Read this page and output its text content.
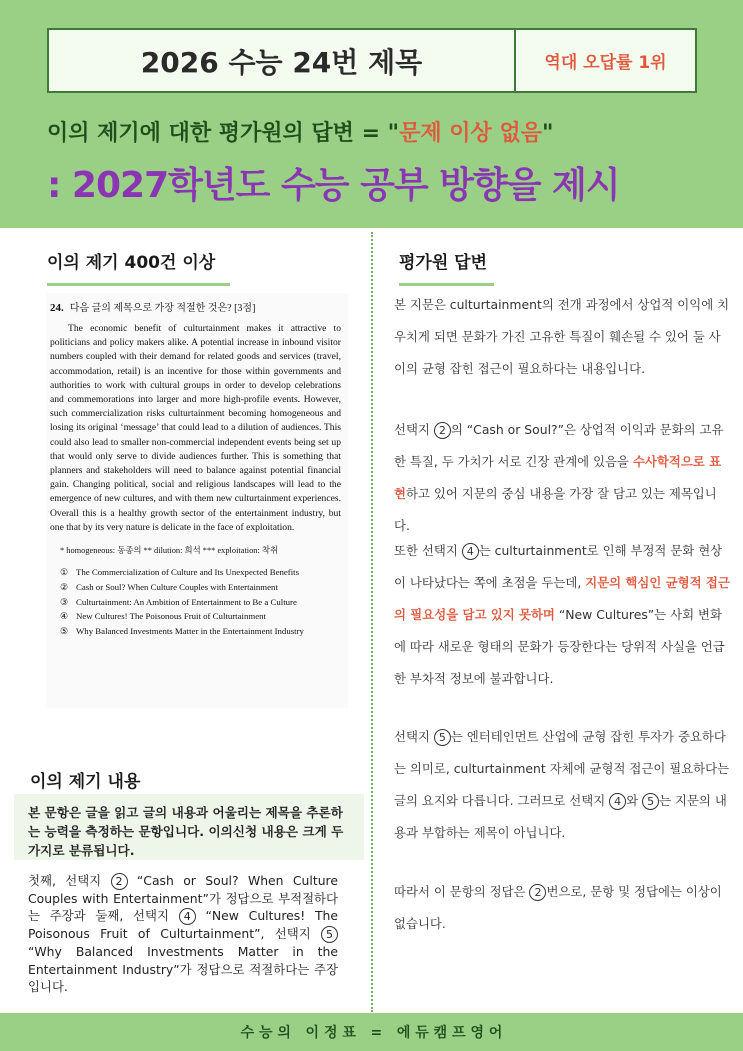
2026 수능 24번 제목	역대 오답률 1위
이의 제기에 대한 평가원의 답변 = "문제 이상 없음"
: 2027학년도 수능 공부 방향을 제시
이의 제기 400건 이상
24. 다음 글의 제목으로 가장 적절한 것은? [3점]

The economic benefit of culturtainment makes it attractive to politicians and policy makers alike. A potential increase in inbound visitor numbers coupled with their demand for related goods and services (travel, accommodation, retail) is an incentive for those within governments and authorities to work with cultural groups in order to develop celebrations and commemorations into larger and more high-profile events. However, such commercialization risks culturtainment becoming homogeneous and losing its original ‘message’ that could lead to a dilution of audiences. This could also lead to smaller non-commercial independent events being set up that would only serve to divide audiences further. This is something that planners and stakeholders will need to balance against potential financial gain. Changing political, social and religious landscapes will lead to the emergence of new cultures, and with them new culturtainment experiences. Overall this is a healthy growth sector of the entertainment industry, but one that by its very nature is delicate in the face of exploitation.

* homogeneous: 동종의 ** dilution: 희석 *** exploitation: 착취
① The Commercialization of Culture and Its Unexpected Benefits
② Cash or Soul? When Culture Couples with Entertainment
③ Culturtainment: An Ambition of Entertainment to Be a Culture
④ New Cultures! The Poisonous Fruit of Culturtainment
⑤ Why Balanced Investments Matter in the Entertainment Industry
이의 제기 내용
본 문항은 글을 읽고 글의 내용과 어울리는 제목을 추론하는 능력을 측정하는 문항입니다. 이의신청 내용은 크게 두 가지로 분류됩니다.

첫째, 선택지 2 “Cash or Soul? When Culture Couples with Entertainment”가 정답으로 부적절하다는 주장과 둘째, 선택지 4 “New Cultures! The Poisonous Fruit of Culturtainment”, 선택지 5 “Why Balanced Investments Matter in the Entertainment Industry”가 정답으로 적절하다는 주장입니다.

평가원 답변

본 지문은 culturtainment의 전개 과정에서 상업적 이익에 치우치게 되면 문화가 가진 고유한 특질이 훼손될 수 있어 둘 사이의 균형 잡힌 접근이 필요하다는 내용입니다.

선택지 2 의 “Cash or Soul?”은 상업적 이익과 문화의 고유한 특질, 두 가치가 서로 긴장 관계에 있음을 수사학적으로 표현하고 있어 지문의 중심 내용을 가장 잘 담고 있는 제목입니다.

또한 선택지 4 는 culturtainment로 인해 부정적 문화 현상이 나타났다는 쪽에 초점을 두는데, 지문의 핵심인 균형적 접근의 필요성을 담고 있지 못하며 “New Cultures”는 사회 변화에 따라 새로운 형태의 문화가 등장한다는 당위적 사실을 언급한 부차적 정보에 불과합니다.

선택지 5 는 엔터테인먼트 산업에 균형 잡힌 투자가 중요하다는 의미로, culturtainment 자체에 균형적 접근이 필요하다는 글의 요지와 다릅니다. 그러므로 선택지 4 와 5 는 지문의 내용과 부합하는 제목이 아닙니다.

따라서 이 문항의 정답은 2 번으로, 문항 및 정답에는 이상이 없습니다.

수 능 의   이 정 표   =   에 듀 캠 프 영 어
